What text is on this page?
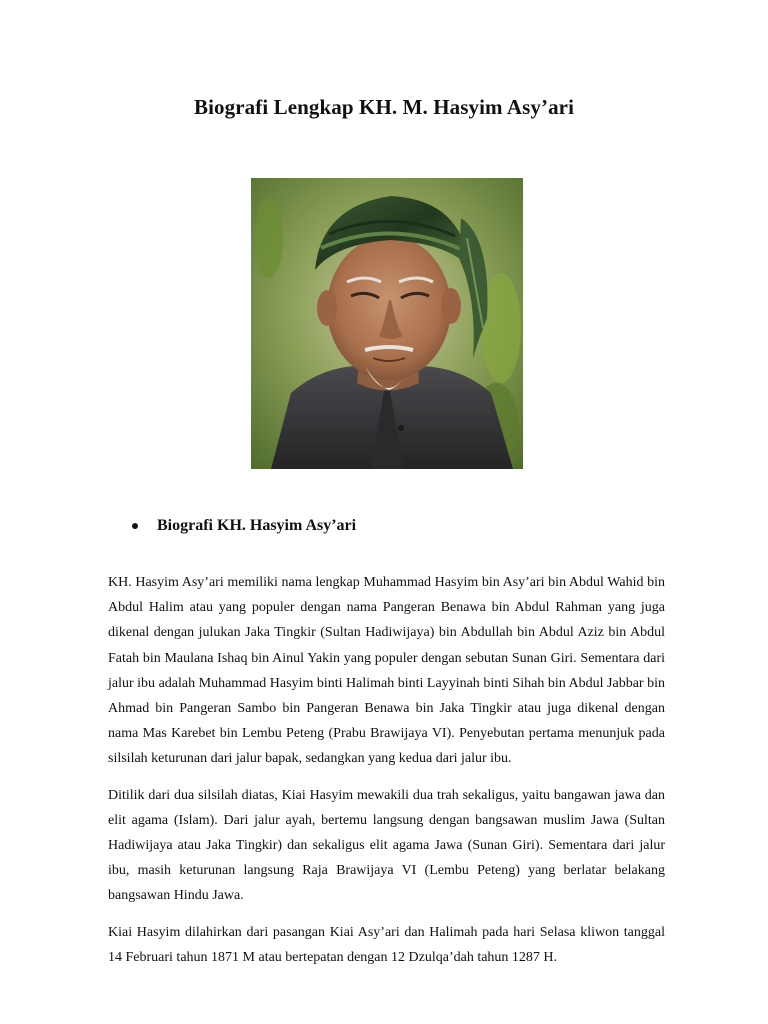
Biografi Lengkap KH. M. Hasyim Asy’ari
Biografi KH. Hasyim Asy’ari

KH. Hasyim Asy’ari memiliki nama lengkap Muhammad Hasyim bin Asy’ari bin Abdul Wahid bin Abdul Halim atau yang populer dengan nama Pangeran Benawa bin Abdul Rahman yang juga dikenal dengan julukan Jaka Tingkir (Sultan Hadiwijaya) bin Abdullah bin Abdul Aziz bin Abdul Fatah bin Maulana Ishaq bin Ainul Yakin yang populer dengan sebutan Sunan Giri. Sementara dari jalur ibu adalah Muhammad Hasyim binti Halimah binti Layyinah binti Sihah bin Abdul Jabbar bin Ahmad bin Pangeran Sambo bin Pangeran Benawa bin Jaka Tingkir atau juga dikenal dengan nama Mas Karebet bin Lembu Peteng (Prabu Brawijaya VI). Penyebutan pertama menunjuk pada silsilah keturunan dari jalur bapak, sedangkan yang kedua dari jalur ibu.

Ditilik dari dua silsilah diatas, Kiai Hasyim mewakili dua trah sekaligus, yaitu bangawan jawa dan elit agama (Islam). Dari jalur ayah, bertemu langsung dengan bangsawan muslim Jawa (Sultan Hadiwijaya atau Jaka Tingkir) dan sekaligus elit agama Jawa (Sunan Giri). Sementara dari jalur ibu, masih keturunan langsung Raja Brawijaya VI (Lembu Peteng) yang berlatar belakang bangsawan Hindu Jawa.

Kiai Hasyim dilahirkan dari pasangan Kiai Asy’ari dan Halimah pada hari Selasa kliwon tanggal 14 Februari tahun 1871 M atau bertepatan dengan 12 Dzulqa’dah tahun 1287 H.
